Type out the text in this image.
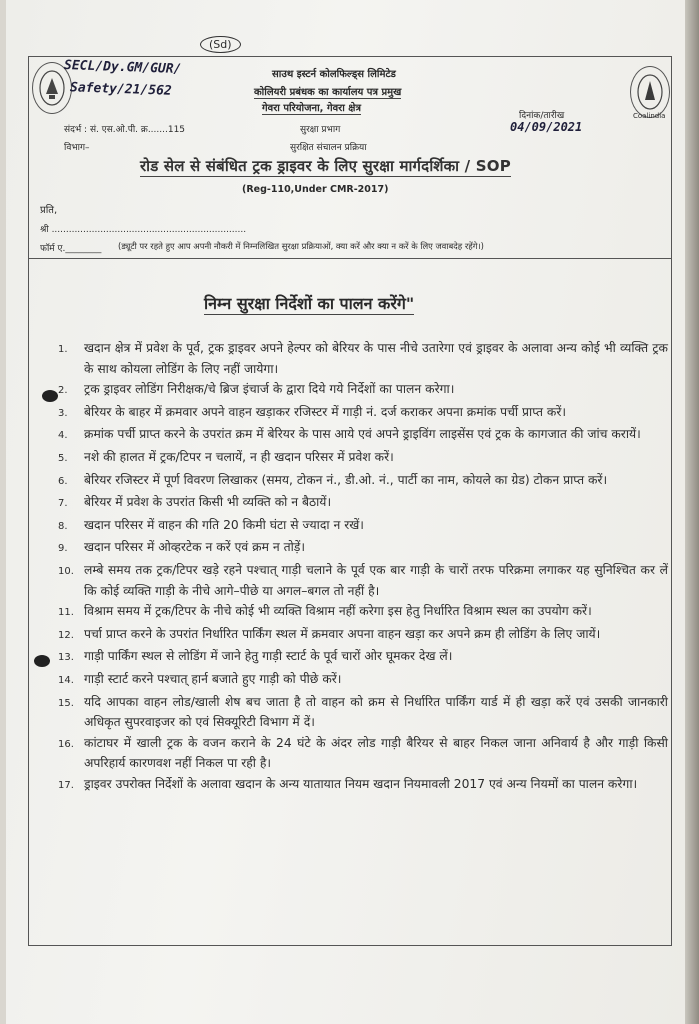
Coalindia
(Sd)
SECL/Dy.GM/GUR/
Safety/21/562
साउथ इस्टर्न कोलफिल्ड्स लिमिटेड
कोलियरी प्रबंधक का कार्यालय पत्र प्रमुख
गेवरा परियोजना, गेवरा क्षेत्र
संदर्भ : सं. एस.ओ.पी. क्र.......115	सुरक्षा प्रभाग
दिनांक/तारीख
04/09/2021
विभाग–	सुरक्षित संचालन प्रक्रिया
रोड सेल से संबंधित ट्रक ड्राइवर के लिए सुरक्षा मार्गदर्शिका / SOP
(Reg-110,Under CMR-2017)
प्रति,
श्री ....................................................................
फॉर्म ए.________ (ड्यूटी पर रहते हुए आप अपनी नौकरी में निम्नलिखित सुरक्षा प्रक्रियाओं, क्या करें और क्या न करें के लिए जवाबदेह रहेंगे।)
निम्न सुरक्षा निर्देशों का पालन करेंगे"
1.	खदान क्षेत्र में प्रवेश के पूर्व, ट्रक ड्राइवर अपने हेल्पर को बेरियर के पास नीचे उतारेगा एवं ड्राइवर के अलावा अन्य कोई भी व्यक्ति ट्रक के साथ कोयला लोडिंग के लिए नहीं जायेगा।
2.	ट्रक ड्राइवर लोडिंग निरीक्षक/चे ब्रिज इंचार्ज के द्वारा दिये गये निर्देशों का पालन करेगा।
3.	बेरियर के बाहर में क्रमवार अपने वाहन खड़ाकर रजिस्टर में गाड़ी नं. दर्ज कराकर अपना क्रमांक पर्ची प्राप्त करें।
4.	क्रमांक पर्ची प्राप्त करने के उपरांत क्रम में बेरियर के पास आये एवं अपने ड्राइविंग लाइसेंस एवं ट्रक के कागजात की जांच करायें।
5.	नशे की हालत में ट्रक/टिपर न चलायें, न ही खदान परिसर में प्रवेश करें।
6.	बेरियर रजिस्टर में पूर्ण विवरण लिखाकर (समय, टोकन नं., डी.ओ. नं., पार्टी का नाम, कोयले का ग्रेड) टोकन प्राप्त करें।
7.	बेरियर में प्रवेश के उपरांत किसी भी व्यक्ति को न बैठायें।
8.	खदान परिसर में वाहन की गति 20 किमी घंटा से ज्यादा न रखें।
9.	खदान परिसर में ओव्हरटेक न करें एवं क्रम न तोड़ें।
10. लम्बे समय तक ट्रक/टिपर खड़े रहने पश्चात् गाड़ी चलाने के पूर्व एक बार गाड़ी के चारों तरफ परिक्रमा लगाकर यह सुनिश्चित कर लें कि कोई व्यक्ति गाड़ी के नीचे आगे–पीछे या अगल–बगल तो नहीं है।
11. विश्राम समय में ट्रक/टिपर के नीचे कोई भी व्यक्ति विश्राम नहीं करेगा इस हेतु निर्धारित विश्राम स्थल का उपयोग करें।
12. पर्चा प्राप्त करने के उपरांत निर्धारित पार्किंग स्थल में क्रमवार अपना वाहन खड़ा कर अपने क्रम ही लोडिंग के लिए जायें।
13. गाड़ी पार्किंग स्थल से लोडिंग में जाने हेतु गाड़ी स्टार्ट के पूर्व चारों ओर घूमकर देख लें।
14. गाड़ी स्टार्ट करने पश्चात् हार्न बजाते हुए गाड़ी को पीछे करें।
15. यदि आपका वाहन लोड/खाली शेष बच जाता है तो वाहन को क्रम से निर्धारित पार्किंग यार्ड में ही खड़ा करें एवं उसकी जानकारी अधिकृत सुपरवाइजर को एवं सिक्यूरिटी विभाग में दें।
16. कांटाघर में खाली ट्रक के वजन कराने के 24 घंटे के अंदर लोड गाड़ी बैरियर से बाहर निकल जाना अनिवार्य है और गाड़ी किसी अपरिहार्य कारणवश नहीं निकल पा रही है।
17. ड्राइवर उपरोक्त निर्देशों के अलावा खदान के अन्य यातायात नियम खदान नियमावली 2017 एवं अन्य नियमों का पालन करेगा।
